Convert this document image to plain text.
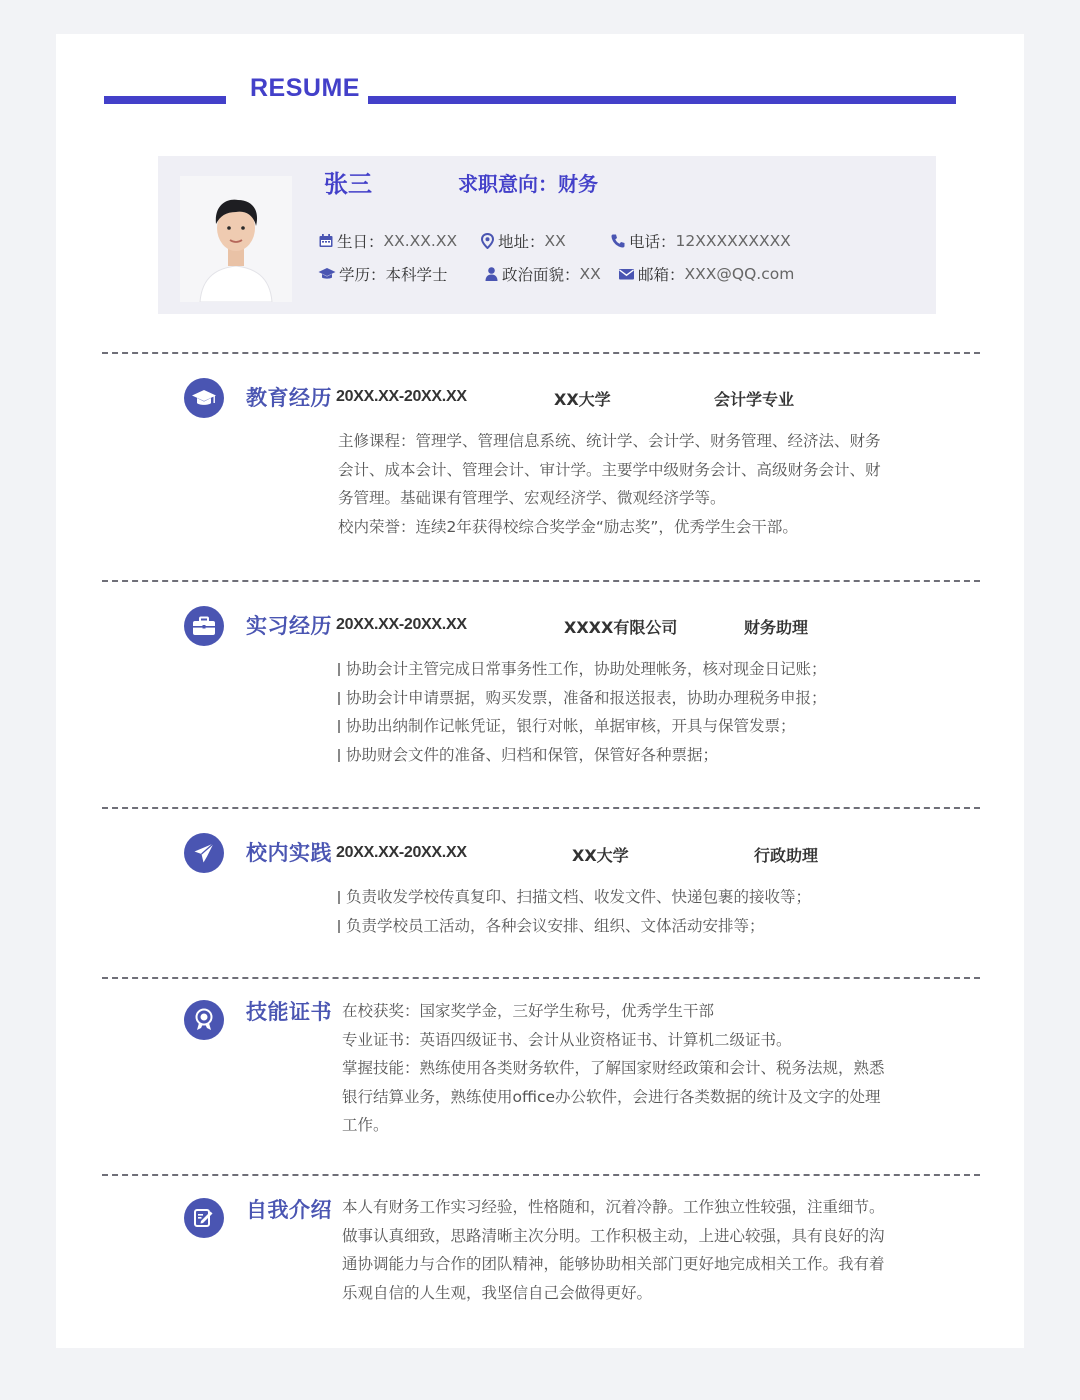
RESUME
张三	求职意向：财务
生日： XX.XX.XX	地址： XX	电话： 12XXXXXXXXX
学历： 本科学士	政治面貌： XX 邮箱： XXX@QQ.com
教育经历 20XX.XX-20XX.XX	XX大学	会计学专业
主修课程：管理学、管理信息系统、统计学、会计学、财务管理、经济法、财务
会计、成本会计、管理会计、审计学。主要学中级财务会计、高级财务会计、财
务管理。基础课有管理学、宏观经济学、微观经济学等。
校内荣誉：连续2年获得校综合奖学金“励志奖”，优秀学生会干部。
实习经历 20XX.XX-20XX.XX	XXXX有限公司	财务助理
协助会计主管完成日常事务性工作，协助处理帐务，核对现金日记账；
协助会计申请票据，购买发票，准备和报送报表，协助办理税务申报；
协助出纳制作记帐凭证，银行对帐，单据审核，开具与保管发票；
协助财会文件的准备、归档和保管，保管好各种票据；
校内实践 20XX.XX-20XX.XX	XX大学	行政助理
负责收发学校传真复印、扫描文档、收发文件、快递包裹的接收等；
负责学校员工活动，各种会议安排、组织、文体活动安排等；
技能证书 在校获奖：国家奖学金，三好学生称号，优秀学生干部
专业证书：英语四级证书、会计从业资格证书、计算机二级证书。
掌握技能：熟练使用各类财务软件，了解国家财经政策和会计、税务法规，熟悉
银行结算业务，熟练使用office办公软件，会进行各类数据的统计及文字的处理
工作。
自我介绍 本人有财务工作实习经验，性格随和，沉着冷静。工作独立性较强，注重细节。
做事认真细致，思路清晰主次分明。工作积极主动，上进心较强，具有良好的沟
通协调能力与合作的团队精神，能够协助相关部门更好地完成相关工作。我有着
乐观自信的人生观，我坚信自己会做得更好。
